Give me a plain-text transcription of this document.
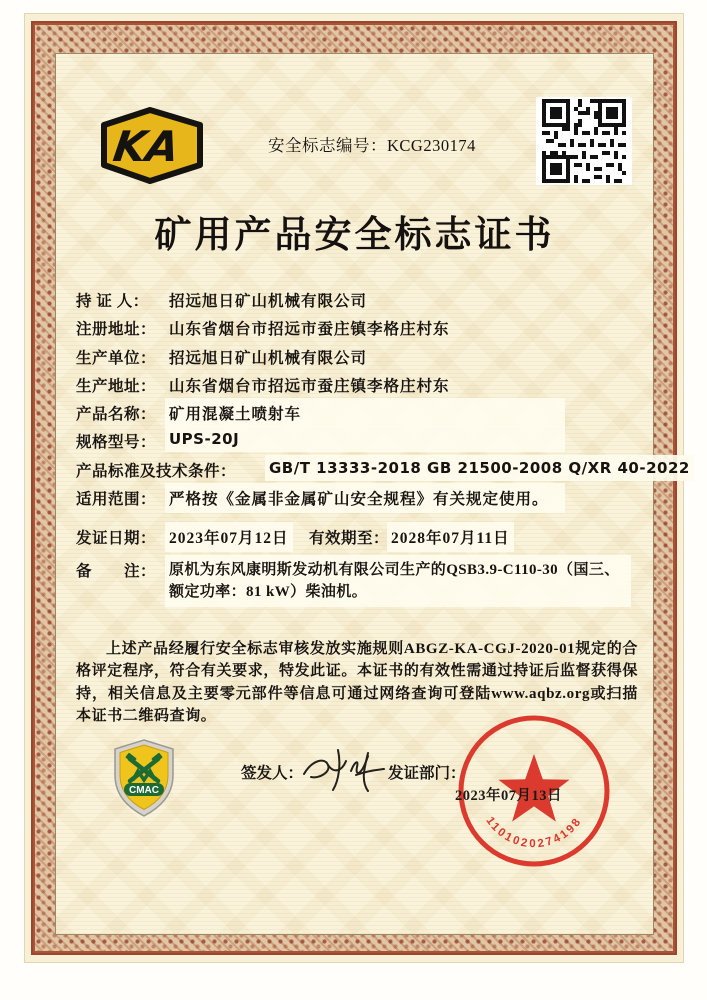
KA	安全标志编号：KCG230174
矿用产品安全标志证书
持 证 人： 招远旭日矿山机械有限公司
注册地址： 山东省烟台市招远市蚕庄镇李格庄村东
生产单位： 招远旭日矿山机械有限公司
生产地址： 山东省烟台市招远市蚕庄镇李格庄村东
产品名称： 矿用混凝土喷射车
规格型号： UPS-20J
产品标准及技术条件： GB/T 13333-2018 GB 21500-2008 Q/XR 40-2022
适用范围： 严格按《金属非金属矿山安全规程》有关规定使用。
发证日期： 2023年07月12日 有效期至： 2028年07月11日
备　　注： 原机为东风康明斯发动机有限公司生产的QSB3.9-C110-30（国三、额定功率：81 kW）柴油机。
上述产品经履行安全标志审核发放实施规则ABGZ-KA-CGJ-2020-01规定的合格评定程序，符合有关要求，特发此证。本证书的有效性需通过持证后监督获得保持，相关信息及主要零元部件等信息可通过网络查询可登陆www.aqbz.org或扫描本证书二维码查询。
CMAC
签发人：	发证部门：
1101020274198
2023年07月13日
